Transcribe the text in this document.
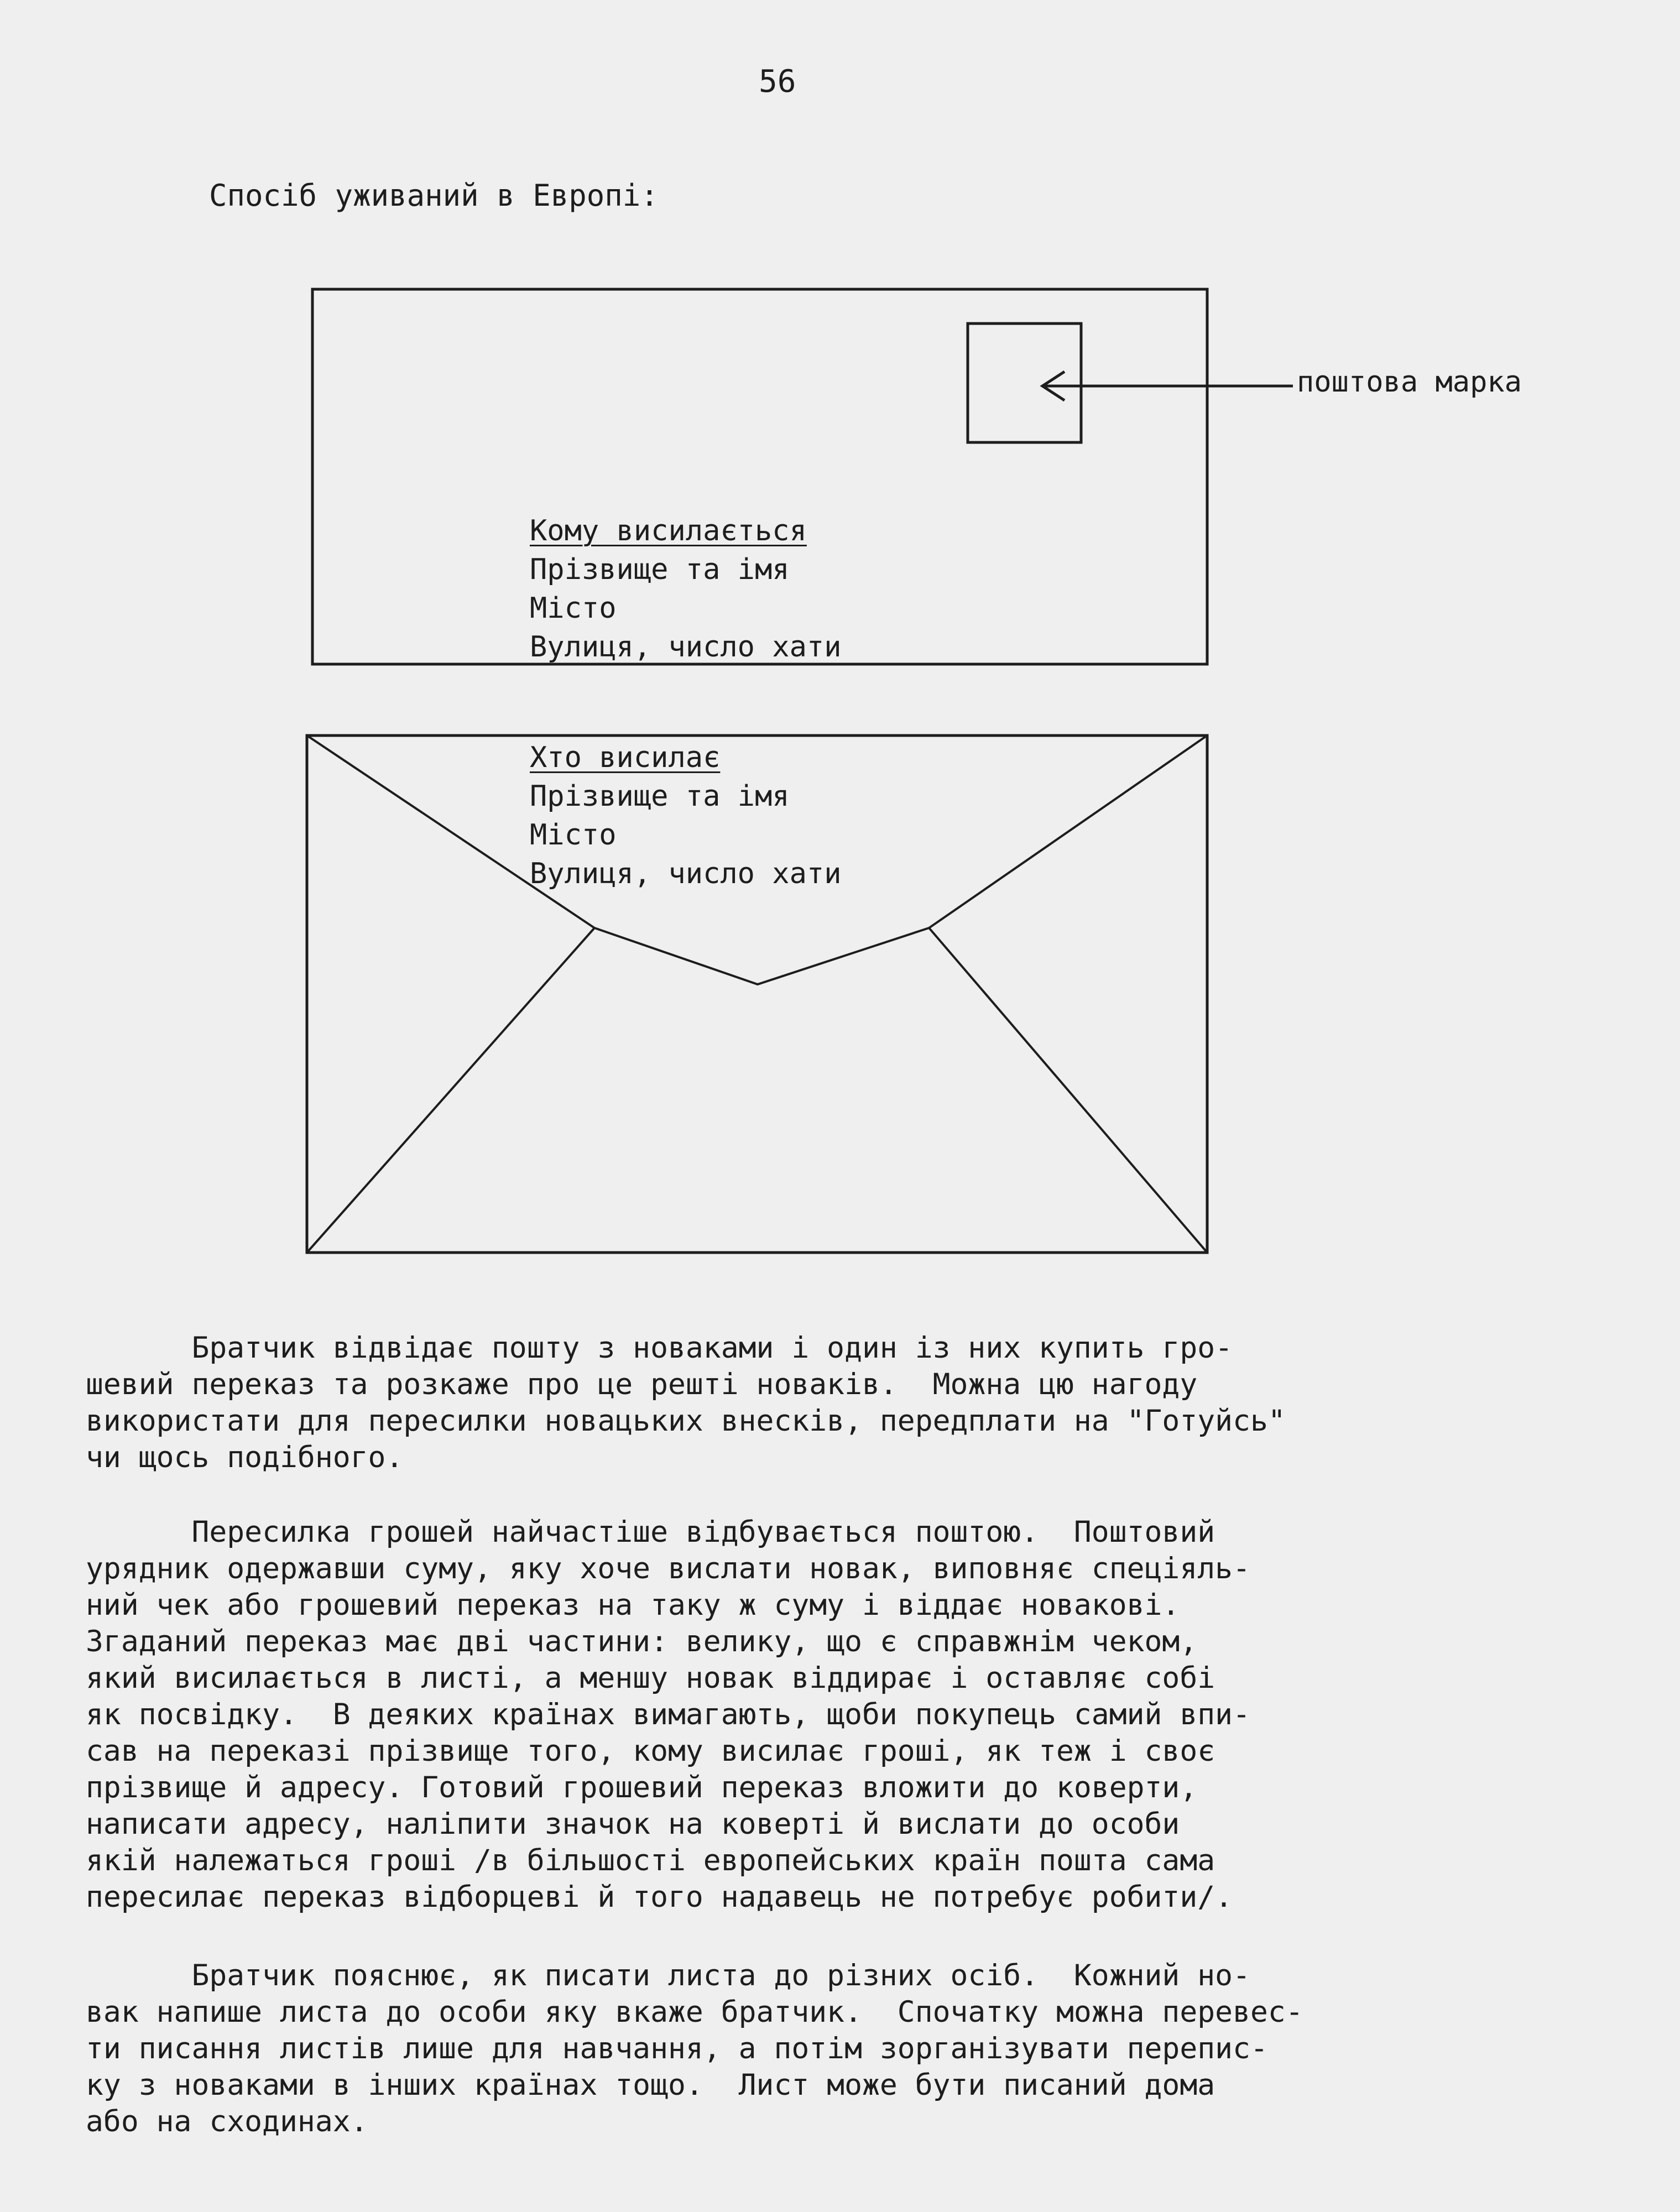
56
Спосіб уживаний в Европі:
поштова марка
Кому висилається
Прізвище та імя
Місто
Вулиця, число хати
Хто висилає
Прізвище та імя
Місто
Вулиця, число хати
Братчик відвідає пошту з новаками і один із них купить гро-
шевий переказ та розкаже про це решті новаків.  Можна цю нагоду
використати для пересилки новацьких внесків, передплати на "Готуйсь"
чи щось подібного.
Пересилка грошей найчастіше відбувається поштою.  Поштовий
урядник одержавши суму, яку хоче вислати новак, виповняє спеціяль-
ний чек або грошевий переказ на таку ж суму і віддає новакові.
Згаданий переказ має дві частини: велику, що є справжнім чеком,
який висилається в листі, а меншу новак віддирає і оставляє собі
як посвідку.  В деяких країнах вимагають, щоби покупець самий впи-
сав на переказі прізвище того, кому висилає гроші, як теж і своє
прізвище й адресу. Готовий грошевий переказ вложити до коверти,
написати адресу, наліпити значок на коверті й вислати до особи
якій належаться гроші /в більшості европейських країн пошта сама
пересилає переказ відборцеві й того надавець не потребує робити/.
Братчик пояснює, як писати листа до різних осіб.  Кожний но-
вак напише листа до особи яку вкаже братчик.  Спочатку можна перевес-
ти писання листів лише для навчання, а потім зорганізувати перепис-
ку з новаками в інших країнах тощо.  Лист може бути писаний дома
або на сходинах.
